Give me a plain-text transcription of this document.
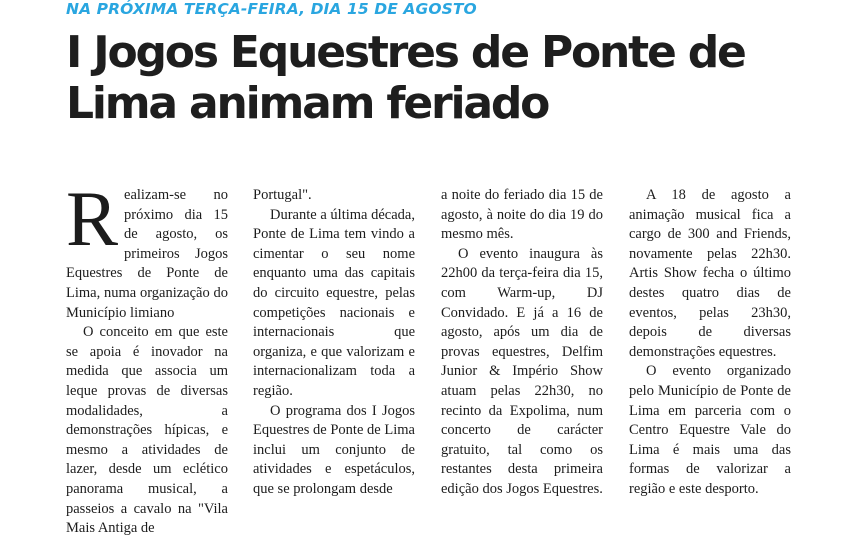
NA PRÓXIMA TERÇA-FEIRA, DIA 15 DE AGOSTO
I Jogos Equestres de Ponte de Lima animam feriado

Realizam-se no próximo dia 15 de agosto, os primeiros Jogos Equestres de Ponte de Lima, numa organização do Município limiano

O conceito em que este se apoia é inovador na medida que associa um leque provas de diversas modalidades, a demonstrações hípicas, e mesmo a atividades de lazer, desde um eclético panorama musical, a passeios a cavalo na "Vila Mais Antiga de

Portugal".

Durante a última década, Ponte de Lima tem vindo a cimentar o seu nome enquanto uma das capitais do circuito equestre, pelas competições nacionais e internacionais que organiza, e que valorizam e internacionalizam toda a região.

O programa dos I Jogos Equestres de Ponte de Lima inclui um conjunto de atividades e espetáculos, que se prolongam desde

a noite do feriado dia 15 de agosto, à noite do dia 19 do mesmo mês.

O evento inaugura às 22h00 da terça-feira dia 15, com Warm-up, DJ Convidado. E já a 16 de agosto, após um dia de provas equestres, Delfim Junior & Império Show atuam pelas 22h30, no recinto da Expolima, num concerto de carácter gratuito, tal como os restantes desta primeira edição dos Jogos Equestres.

A 18 de agosto a animação musical fica a cargo de 300 and Friends, novamente pelas 22h30. Artis Show fecha o último destes quatro dias de eventos, pelas 23h30, depois de diversas demonstrações equestres.

O evento organizado pelo Município de Ponte de Lima em parceria com o Centro Equestre Vale do Lima é mais uma das formas de valorizar a região e este desporto.
